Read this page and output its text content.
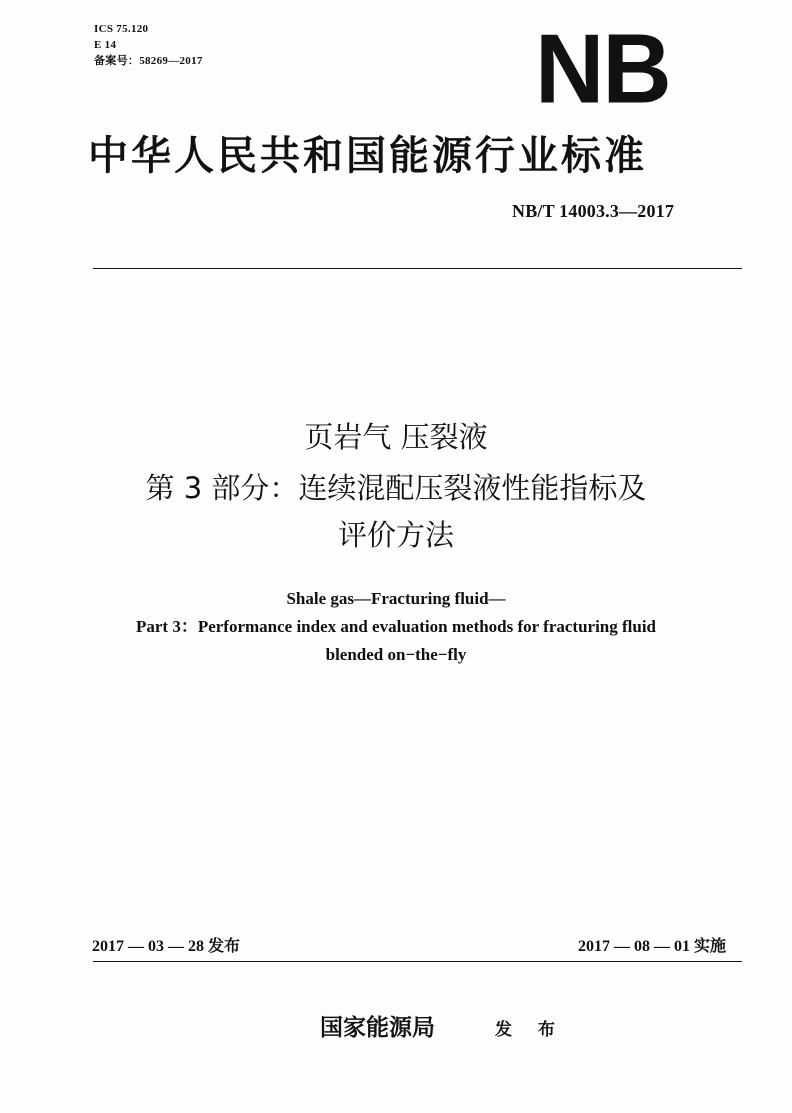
ICS 75.120
E 14
备案号：58269—2017	NB
中华人民共和国能源行业标准
NB/T 14003.3—2017
页岩气 压裂液
第 3 部分：连续混配压裂液性能指标及
评价方法
Shale gas—Fracturing fluid—
Part 3：Performance index and evaluation methods for fracturing fluid
blended on−the−fly
2017 — 03 — 28 发布	2017 — 08 — 01 实施
国家能源局	发 布
